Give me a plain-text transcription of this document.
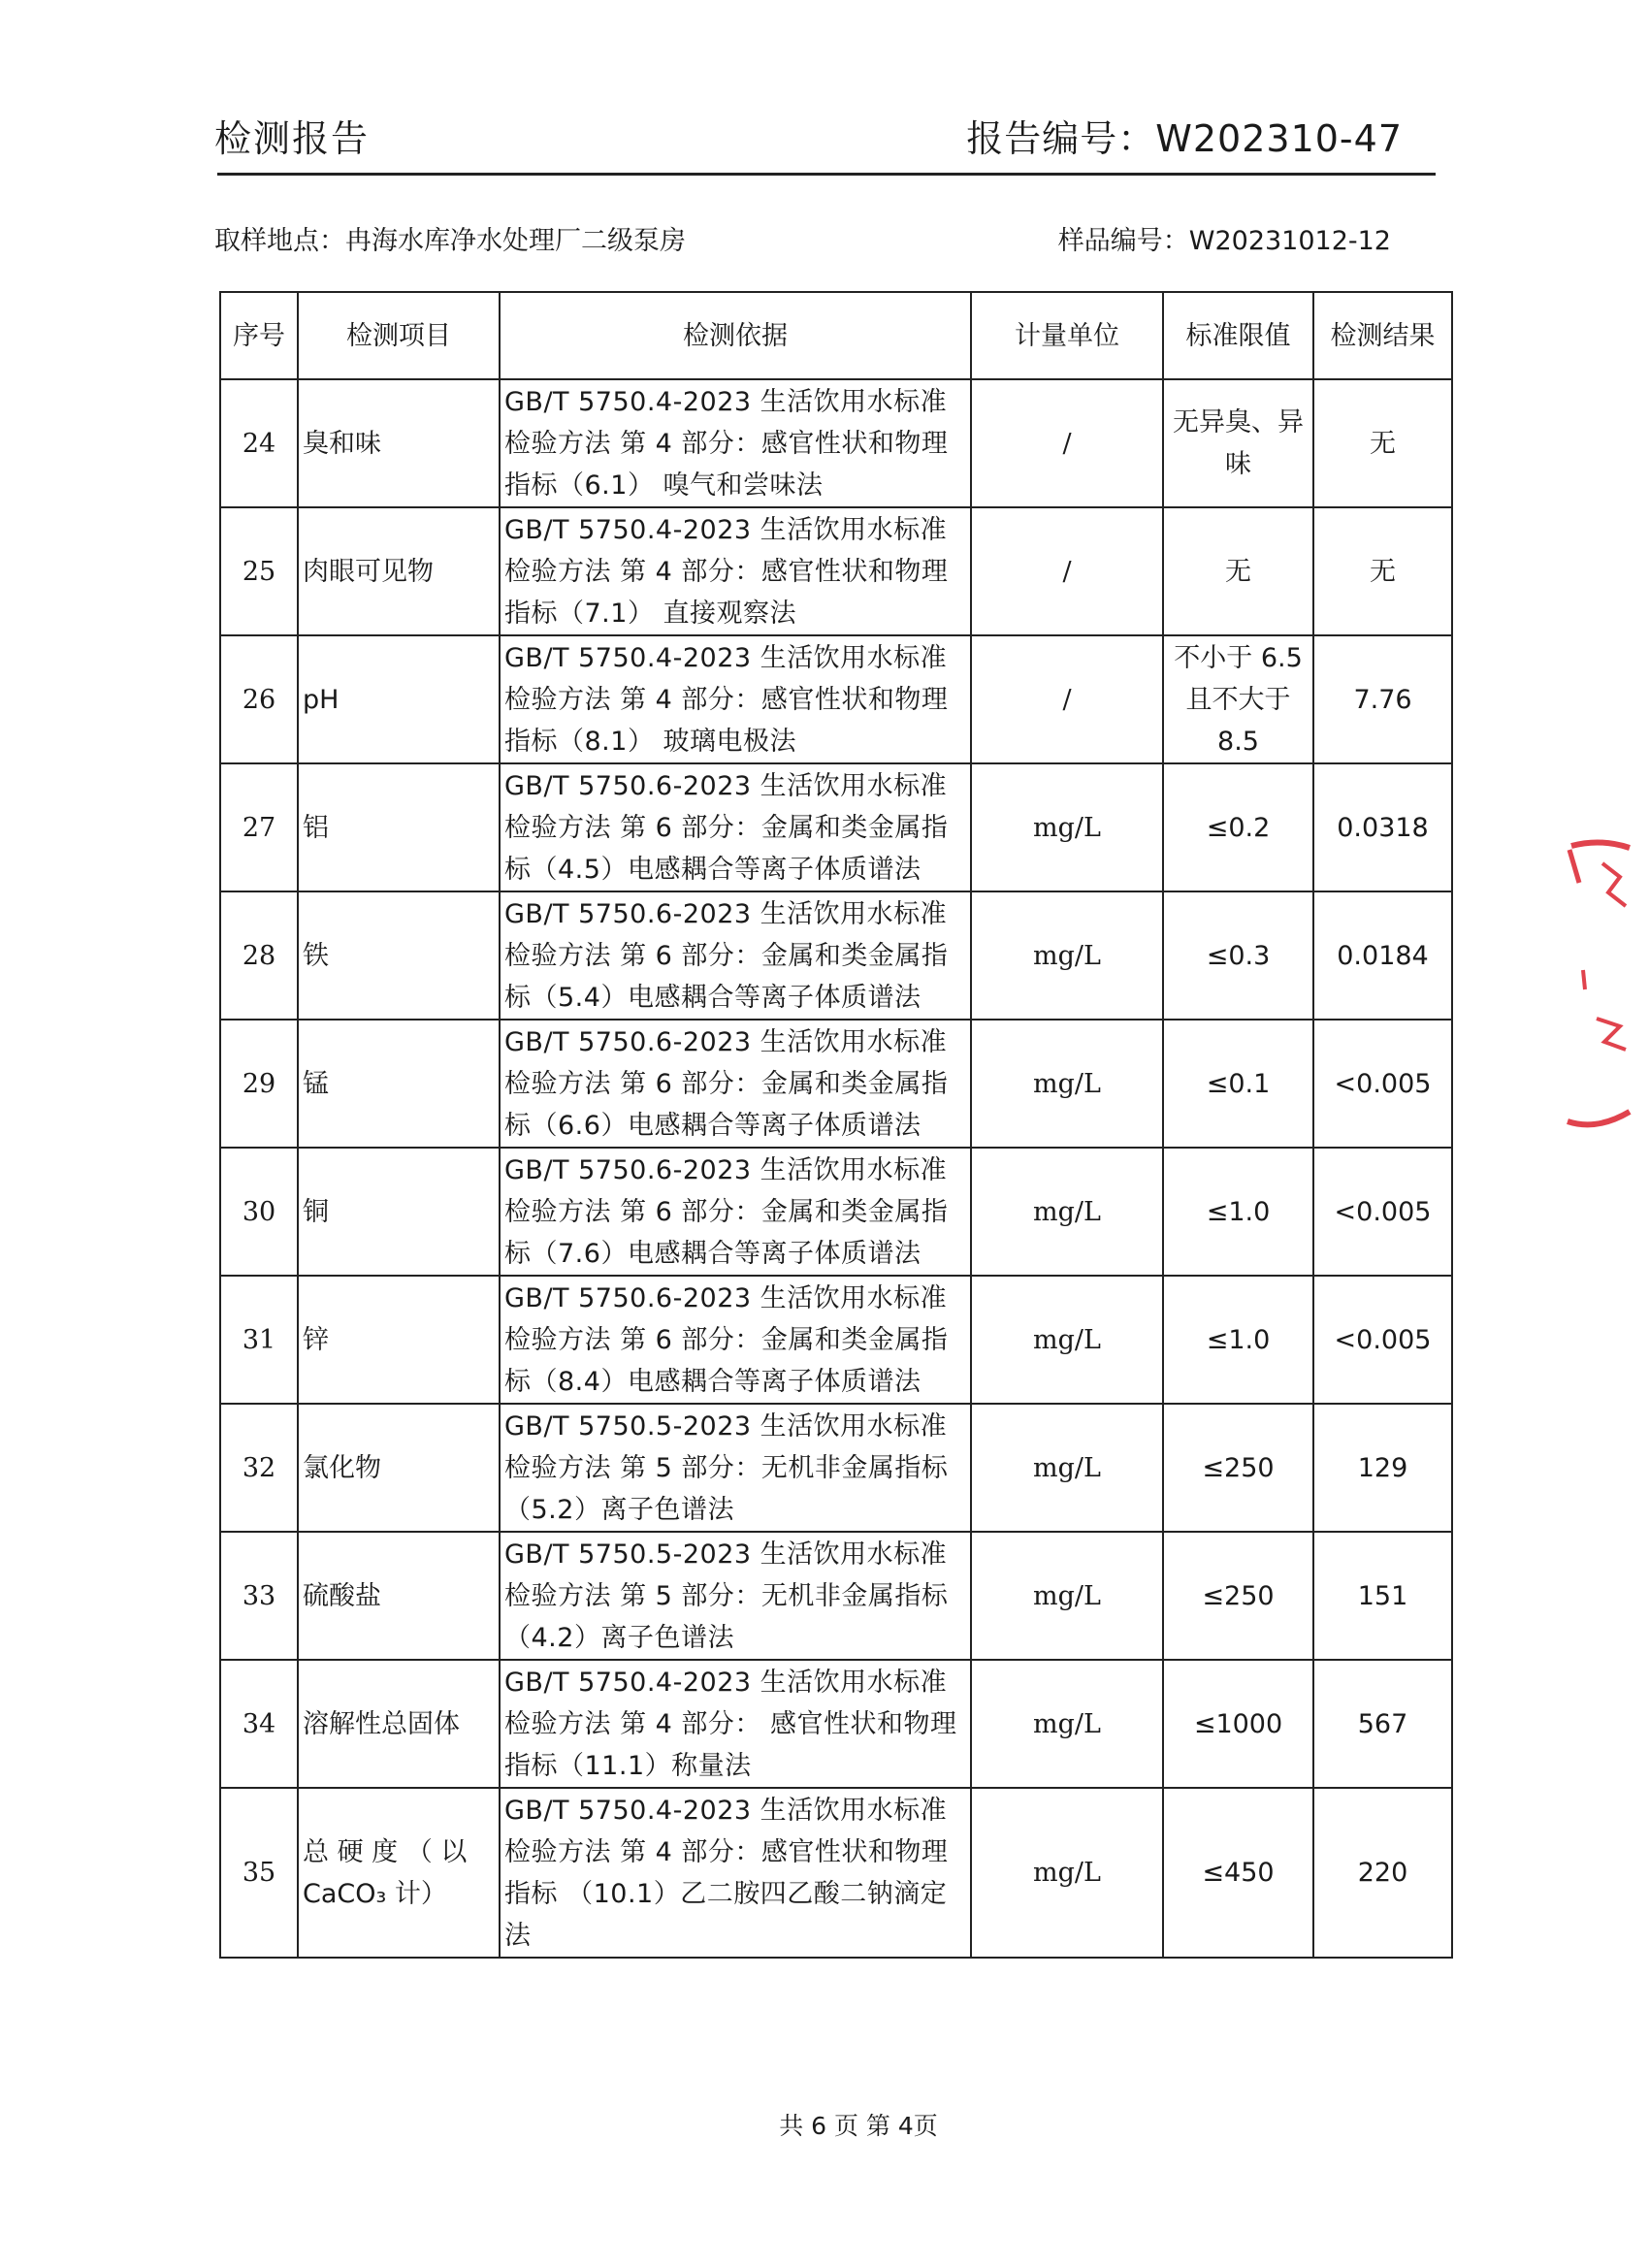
检测报告	报告编号：W202310-47
取样地点：冉海水库净水处理厂二级泵房	样品编号：W20231012-12
序号	检测项目	检测依据	计量单位	标准限值	检测结果
24	臭和味	GB/T 5750.4-2023 生活饮用水标准检验方法 第 4 部分：感官性状和物理指标（6.1） 嗅气和尝味法	/	无异臭、异味	无
25	肉眼可见物	GB/T 5750.4-2023 生活饮用水标准检验方法 第 4 部分：感官性状和物理指标（7.1） 直接观察法	/	无	无
26	pH	GB/T 5750.4-2023 生活饮用水标准检验方法 第 4 部分：感官性状和物理指标（8.1） 玻璃电极法	/	不小于 6.5 且不大于 8.5	7.76
27	铝	GB/T 5750.6-2023 生活饮用水标准检验方法 第 6 部分：金属和类金属指标（4.5）电感耦合等离子体质谱法	mg/L	≤0.2	0.0318
28	铁	GB/T 5750.6-2023 生活饮用水标准检验方法 第 6 部分：金属和类金属指标（5.4）电感耦合等离子体质谱法	mg/L	≤0.3	0.0184
29	锰	GB/T 5750.6-2023 生活饮用水标准检验方法 第 6 部分：金属和类金属指标（6.6）电感耦合等离子体质谱法	mg/L	≤0.1	<0.005
30	铜	GB/T 5750.6-2023 生活饮用水标准检验方法 第 6 部分：金属和类金属指标（7.6）电感耦合等离子体质谱法	mg/L	≤1.0	<0.005
31	锌	GB/T 5750.6-2023 生活饮用水标准检验方法 第 6 部分：金属和类金属指标（8.4）电感耦合等离子体质谱法	mg/L	≤1.0	<0.005
32	氯化物	GB/T 5750.5-2023 生活饮用水标准检验方法 第 5 部分：无机非金属指标（5.2）离子色谱法	mg/L	≤250	129
33	硫酸盐	GB/T 5750.5-2023 生活饮用水标准检验方法 第 5 部分：无机非金属指标（4.2）离子色谱法	mg/L	≤250	151
34	溶解性总固体	GB/T 5750.4-2023 生活饮用水标准检验方法 第 4 部分： 感官性状和物理指标（11.1）称量法	mg/L	≤1000	567
35	总 硬 度 （ 以 CaCO₃ 计）	GB/T 5750.4-2023 生活饮用水标准检验方法 第 4 部分：感官性状和物理指标 （10.1）乙二胺四乙酸二钠滴定法	mg/L	≤450	220
共 6 页 第 4页
